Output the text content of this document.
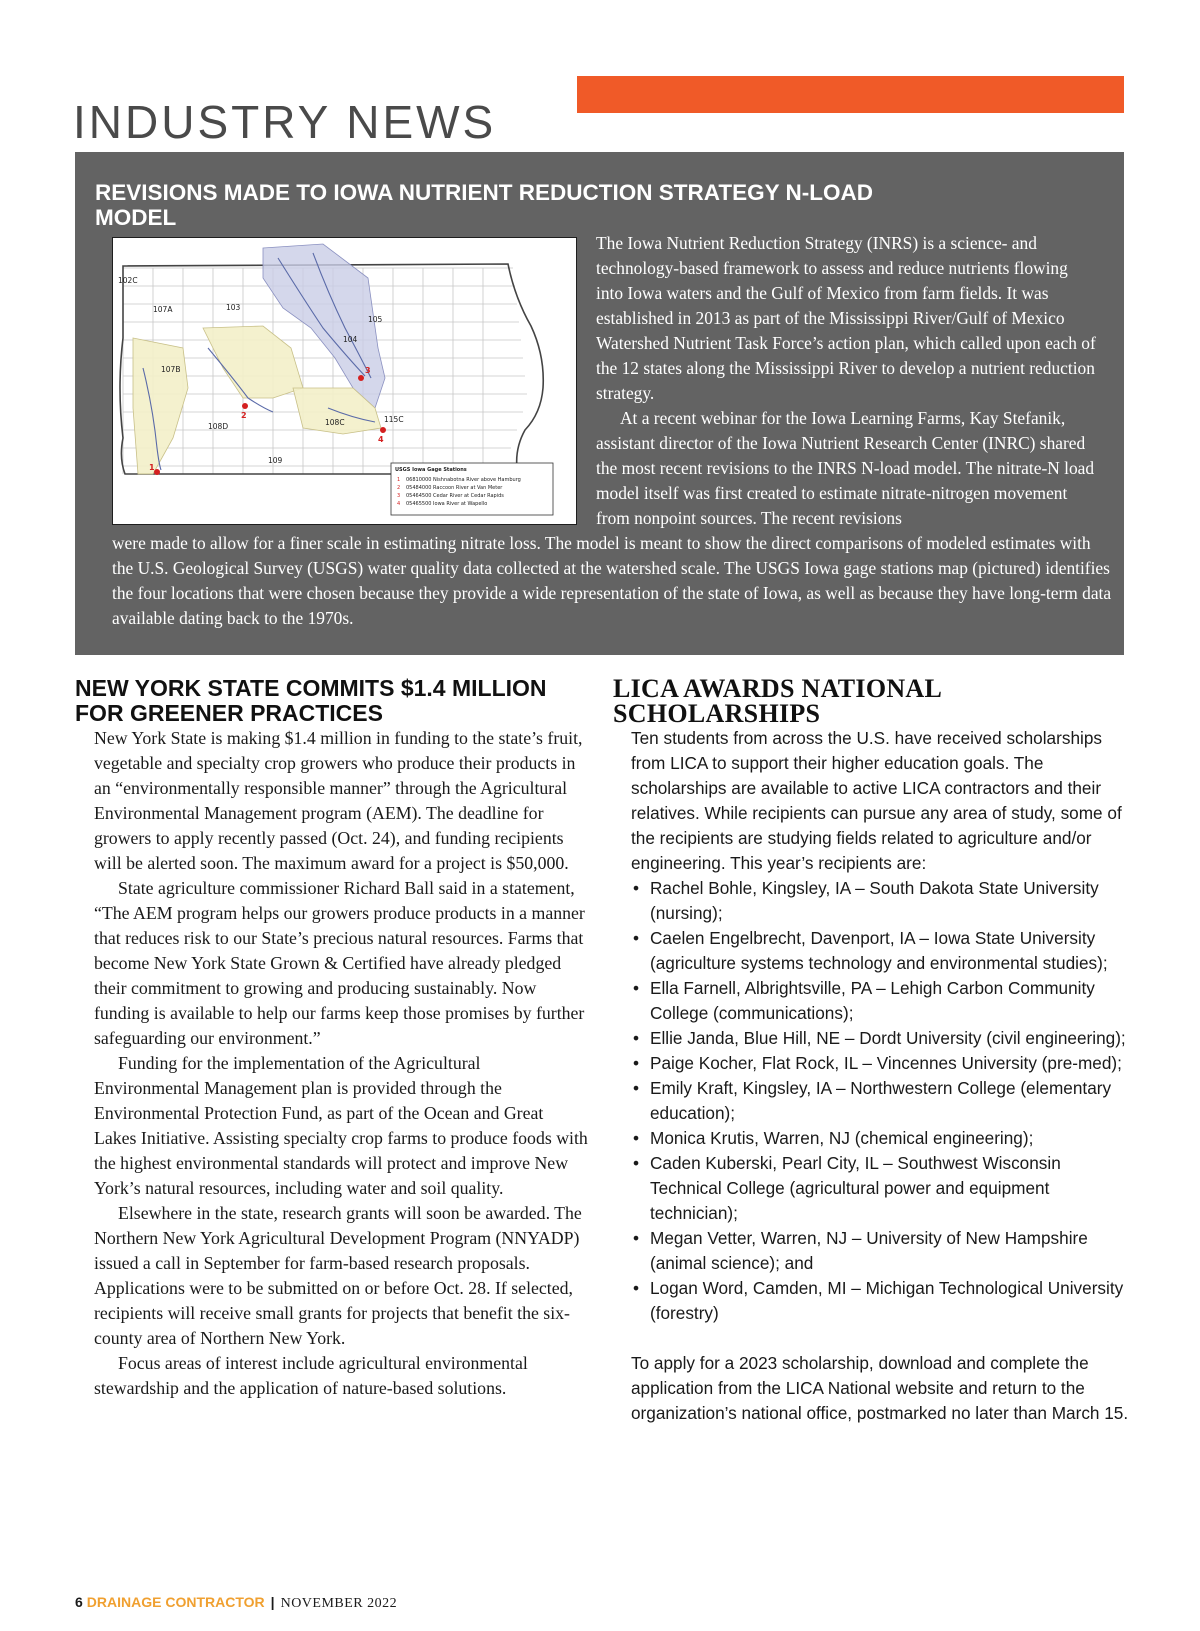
INDUSTRY NEWS
REVISIONS MADE TO IOWA NUTRIENT REDUCTION STRATEGY N-LOAD MODEL
102C
107A	103
105
104
107B
108D	108C	115C
109
1
2
3
4
USGS Iowa Gage Stations
1 06810000 Nishnabotna River above Hamburg
2 05484000 Raccoon River at Van Meter
3 05464500 Cedar River at Cedar Rapids
4 05465500 Iowa River at Wapello

The Iowa Nutrient Reduction Strategy (INRS) is a science- and technology-based framework to assess and reduce nutrients flowing into Iowa waters and the Gulf of Mexico from farm fields. It was established in 2013 as part of the Mississippi River/Gulf of Mexico Watershed Nutrient Task Force’s action plan, which called upon each of the 12 states along the Mississippi River to develop a nutrient reduction strategy.

At a recent webinar for the Iowa Learning Farms, Kay Stefanik, assistant director of the Iowa Nutrient Research Center (INRC) shared the most recent revisions to the INRS N-load model. The nitrate-N load model itself was first created to estimate nitrate-nitrogen movement from nonpoint sources. The recent revisions

were made to allow for a finer scale in estimating nitrate loss. The model is meant to show the direct comparisons of modeled estimates with the U.S. Geological Survey (USGS) water quality data collected at the watershed scale. The USGS Iowa gage stations map (pictured) identifies the four locations that were chosen because they provide a wide representation of the state of Iowa, as well as because they have long-term data available dating back to the 1970s.

NEW YORK STATE COMMITS $1.4 MILLION FOR GREENER PRACTICES

New York State is making $1.4 million in funding to the state’s fruit, vegetable and specialty crop growers who produce their products in an “environmentally responsible manner” through the Agricultural Environmental Management program (AEM). The deadline for growers to apply recently passed (Oct. 24), and funding recipients will be alerted soon. The maximum award for a project is $50,000.

State agriculture commissioner Richard Ball said in a statement, “The AEM program helps our growers produce products in a manner that reduces risk to our State’s precious natural resources. Farms that become New York State Grown & Certified have already pledged their commitment to growing and producing sustainably. Now funding is available to help our farms keep those promises by further safeguarding our environment.”

Funding for the implementation of the Agricultural Environmental Management plan is provided through the Environmental Protection Fund, as part of the Ocean and Great Lakes Initiative. Assisting specialty crop farms to produce foods with the highest environmental standards will protect and improve New York’s natural resources, including water and soil quality.

Elsewhere in the state, research grants will soon be awarded. The Northern New York Agricultural Development Program (NNYADP) issued a call in September for farm-based research proposals. Applications were to be submitted on or before Oct. 28. If selected, recipients will receive small grants for projects that benefit the six-county area of Northern New York.

Focus areas of interest include agricultural environmental stewardship and the application of nature-based solutions.

LICA AWARDS NATIONAL SCHOLARSHIPS

Ten students from across the U.S. have received scholarships from LICA to support their higher education goals. The scholarships are available to active LICA contractors and their relatives. While recipients can pursue any area of study, some of the recipients are studying fields related to agriculture and/or engineering. This year’s recipients are:

• Rachel Bohle, Kingsley, IA – South Dakota State University (nursing);
• Caelen Engelbrecht, Davenport, IA – Iowa State University (agriculture systems technology and environmental studies);
• Ella Farnell, Albrightsville, PA – Lehigh Carbon Community College (communications);
• Ellie Janda, Blue Hill, NE – Dordt University (civil engineering);
• Paige Kocher, Flat Rock, IL – Vincennes University (pre-med);
• Emily Kraft, Kingsley, IA – Northwestern College (elementary education);
• Monica Krutis, Warren, NJ (chemical engineering);
• Caden Kuberski, Pearl City, IL – Southwest Wisconsin Technical College (agricultural power and equipment technician);
• Megan Vetter, Warren, NJ – University of New Hampshire (animal science); and
• Logan Word, Camden, MI – Michigan Technological University (forestry)

To apply for a 2023 scholarship, download and complete the application from the LICA National website and return to the organization’s national office, postmarked no later than March 15.

6 DRAINAGE CONTRACTOR | NOVEMBER 2022
